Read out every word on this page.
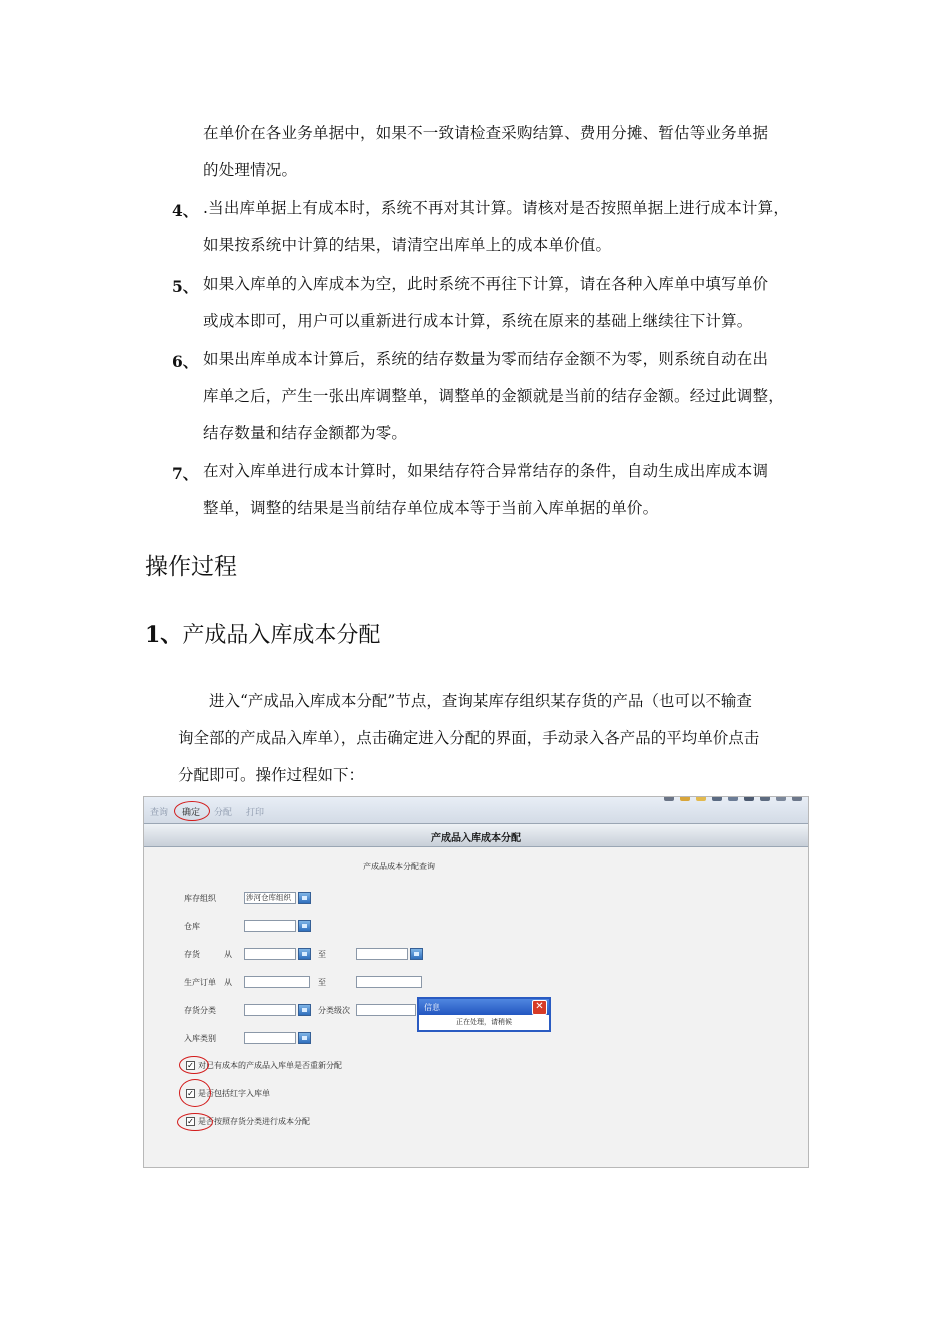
在单价在各业务单据中，如果不一致请检查采购结算、费用分摊、暂估等业务单据
的处理情况。
4、 .当出库单据上有成本时，系统不再对其计算。请核对是否按照单据上进行成本计算，
如果按系统中计算的结果，请清空出库单上的成本单价值。
5、 如果入库单的入库成本为空，此时系统不再往下计算，请在各种入库单中填写单价
或成本即可，用户可以重新进行成本计算，系统在原来的基础上继续往下计算。
6、 如果出库单成本计算后，系统的结存数量为零而结存金额不为零，则系统自动在出
库单之后，产生一张出库调整单，调整单的金额就是当前的结存金额。经过此调整，
结存数量和结存金额都为零。
7、 在对入库单进行成本计算时，如果结存符合异常结存的条件，自动生成出库成本调
整单，调整的结果是当前结存单位成本等于当前入库单据的单价。
操作过程
1、产成品入库成本分配
进入“产成品入库成本分配”节点，查询某库存组织某存货的产品（也可以不输查
询全部的产成品入库单），点击确定进入分配的界面，手动录入各产品的平均单价点击
分配即可。操作过程如下：
查询 确定 分配 打印
产成品入库成本分配
产成品成本分配查询
库存组织	涉河仓库组织
仓库
存货	从	至
生产订单 从	至
存货分类	分类级次
入库类别
✓ 对已有成本的产成品入库单是否重新分配
✓ 是否包括红字入库单
✓ 是否按照存货分类进行成本分配
信息	✕
正在处理，请稍候
